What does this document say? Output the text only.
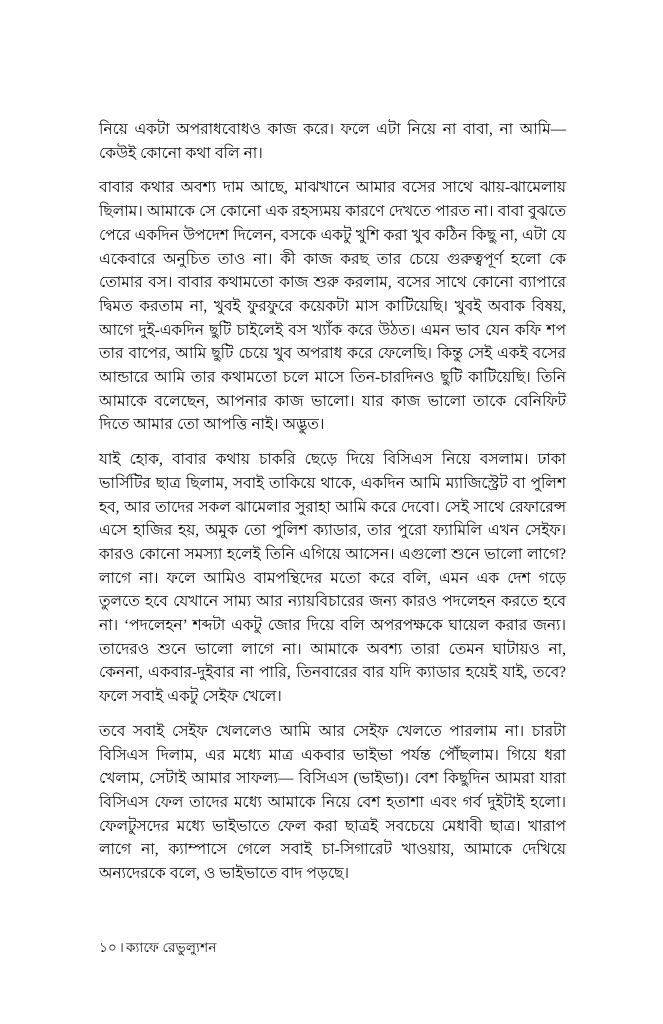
নিয়ে একটা অপরাধবোধও কাজ করে। ফলে এটা নিয়ে না বাবা, না আমি—কেউই কোনো কথা বলি না।

বাবার কথার অবশ্য দাম আছে, মাঝখানে আমার বসের সাথে ঝায়-ঝামেলায় ছিলাম। আমাকে সে কোনো এক রহস্যময় কারণে দেখতে পারত না। বাবা বুঝতে পেরে একদিন উপদেশ দিলেন, বসকে একটু খুশি করা খুব কঠিন কিছু না, এটা যে একেবারে অনুচিত তাও না। কী কাজ করছ তার চেয়ে গুরুত্বপূর্ণ হলো কে তোমার বস। বাবার কথামতো কাজ শুরু করলাম, বসের সাথে কোনো ব্যাপারে দ্বিমত করতাম না, খুবই ফুরফুরে কয়েকটা মাস কাটিয়েছি। খুবই অবাক বিষয়, আগে দুই-একদিন ছুটি চাইলেই বস খ্যাঁক করে উঠত। এমন ভাব যেন কফি শপ তার বাপের, আমি ছুটি চেয়ে খুব অপরাধ করে ফেলেছি। কিন্তু সেই একই বসের আন্ডারে আমি তার কথামতো চলে মাসে তিন-চারদিনও ছুটি কাটিয়েছি। তিনি আমাকে বলেছেন, আপনার কাজ ভালো। যার কাজ ভালো তাকে বেনিফিট দিতে আমার তো আপত্তি নাই। অদ্ভুত।

যাই হোক, বাবার কথায় চাকরি ছেড়ে দিয়ে বিসিএস নিয়ে বসলাম। ঢাকা ভার্সিটির ছাত্র ছিলাম, সবাই তাকিয়ে থাকে, একদিন আমি ম্যাজিস্ট্রেট বা পুলিশ হব, আর তাদের সকল ঝামেলার সুরাহা আমি করে দেবো। সেই সাথে রেফারেন্স এসে হাজির হয়, অমুক তো পুলিশ ক্যাডার, তার পুরো ফ্যামিলি এখন সেইফ। কারও কোনো সমস্যা হলেই তিনি এগিয়ে আসেন। এগুলো শুনে ভালো লাগে? লাগে না। ফলে আমিও বামপন্থিদের মতো করে বলি, এমন এক দেশ গড়ে তুলতে হবে যেখানে সাম্য আর ন্যায়বিচারের জন্য কারও পদলেহন করতে হবে না। ‘পদলেহন’ শব্দটা একটু জোর দিয়ে বলি অপরপক্ষকে ঘায়েল করার জন্য। তাদেরও শুনে ভালো লাগে না। আমাকে অবশ্য তারা তেমন ঘাটায়ও না, কেননা, একবার-দুইবার না পারি, তিনবারের বার যদি ক্যাডার হয়েই যাই, তবে? ফলে সবাই একটু সেইফ খেলে।

তবে সবাই সেইফ খেললেও আমি আর সেইফ খেলতে পারলাম না। চারটা বিসিএস দিলাম, এর মধ্যে মাত্র একবার ভাইভা পর্যন্ত পৌঁছলাম। গিয়ে ধরা খেলাম, সেটাই আমার সাফল্য— বিসিএস (ভাইভা)। বেশ কিছুদিন আমরা যারা বিসিএস ফেল তাদের মধ্যে আমাকে নিয়ে বেশ হতাশা এবং গর্ব দুইটাই হলো। ফেলটুসদের মধ্যে ভাইভাতে ফেল করা ছাত্রই সবচেয়ে মেধাবী ছাত্র। খারাপ লাগে না, ক্যাম্পাসে গেলে সবাই চা-সিগারেট খাওয়ায়, আমাকে দেখিয়ে অন্যদেরকে বলে, ও ভাইভাতে বাদ পড়ছে।

১০ । ক্যাফে রেভুল্যুশন
